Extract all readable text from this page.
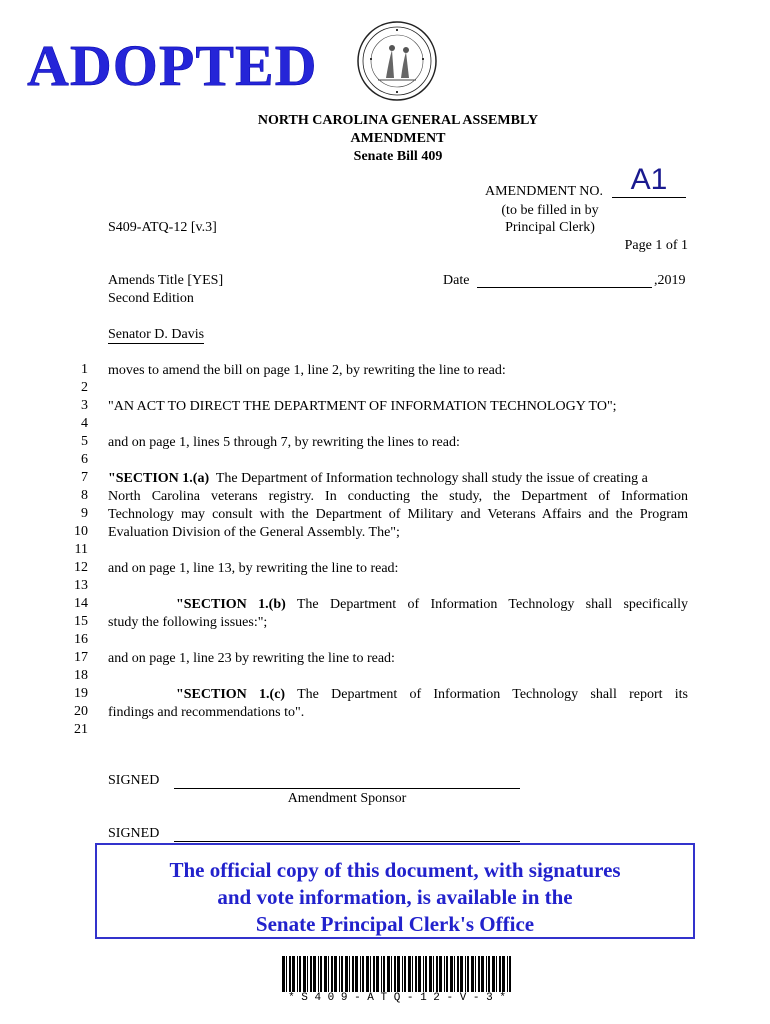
ADOPTED
NORTH CAROLINA GENERAL ASSEMBLY
AMENDMENT
Senate Bill 409
AMENDMENT NO. A1
(to be filled in by
Principal Clerk)
S409-ATQ-12 [v.3]
Page 1 of 1
Amends Title [YES]
Second Edition
Date	,2019
Senator D. Davis
1
2
3
4
5
6
7
8
9
10
11
12
13
14
15
16
17
18
19
20
21
moves to amend the bill on page 1, line 2, by rewriting the line to read:
"AN ACT TO DIRECT THE DEPARTMENT OF INFORMATION TECHNOLOGY TO";
and on page 1, lines 5 through 7, by rewriting the lines to read:
"SECTION 1.(a) The Department of Information technology shall study the issue of creating a
North Carolina veterans registry. In conducting the study, the Department of Information
Technology may consult with the Department of Military and Veterans Affairs and the Program
Evaluation Division of the General Assembly. The";
and on page 1, line 13, by rewriting the line to read:
"SECTION 1.(b) The Department of Information Technology shall specifically
study the following issues:";
and on page 1, line 23 by rewriting the line to read:
"SECTION 1.(c) The Department of Information Technology shall report its
findings and recommendations to".
SIGNED
Amendment Sponsor
SIGNED
The official copy of this document, with signatures
and vote information, is available in the
Senate Principal Clerk's Office
* S 4 0 9 - A T Q - 1 2 - V - 3 *
